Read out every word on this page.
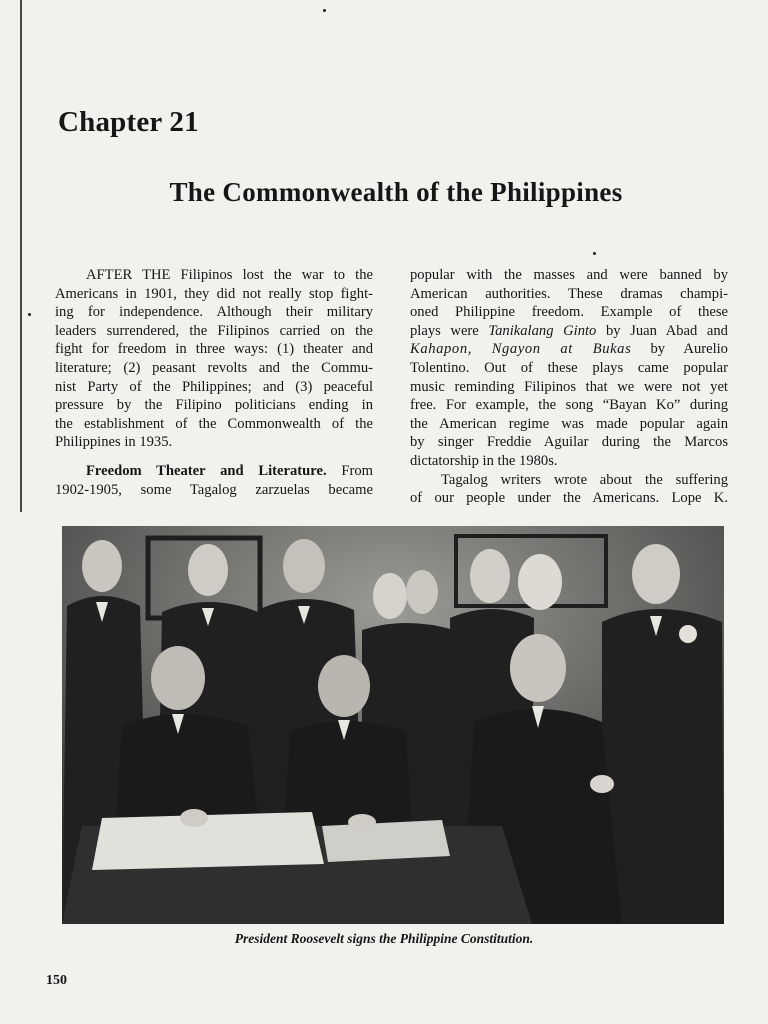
Chapter 21
The Commonwealth of the Philippines
AFTER THE Filipinos lost the war to the
Americans in 1901, they did not really stop fight-
ing for independence. Although their military
leaders surrendered, the Filipinos carried on the
fight for freedom in three ways: (1) theater and
literature; (2) peasant revolts and the Commu-
nist Party of the Philippines; and (3) peaceful
pressure by the Filipino politicians ending in
the establishment of the Commonwealth of the
Philippines in 1935.
Freedom Theater and Literature. From
1902-1905, some Tagalog zarzuelas became
popular with the masses and were banned by
American authorities. These dramas champi-
oned Philippine freedom. Example of these
plays were Tanikalang Ginto by Juan Abad and
Kahapon, Ngayon at Bukas by Aurelio
Tolentino. Out of these plays came popular
music reminding Filipinos that we were not yet
free. For example, the song “Bayan Ko” during
the American regime was made popular again
by singer Freddie Aguilar during the Marcos
dictatorship in the 1980s.
Tagalog writers wrote about the suffering
of our people under the Americans. Lope K.
President Roosevelt signs the Philippine Constitution.
150
